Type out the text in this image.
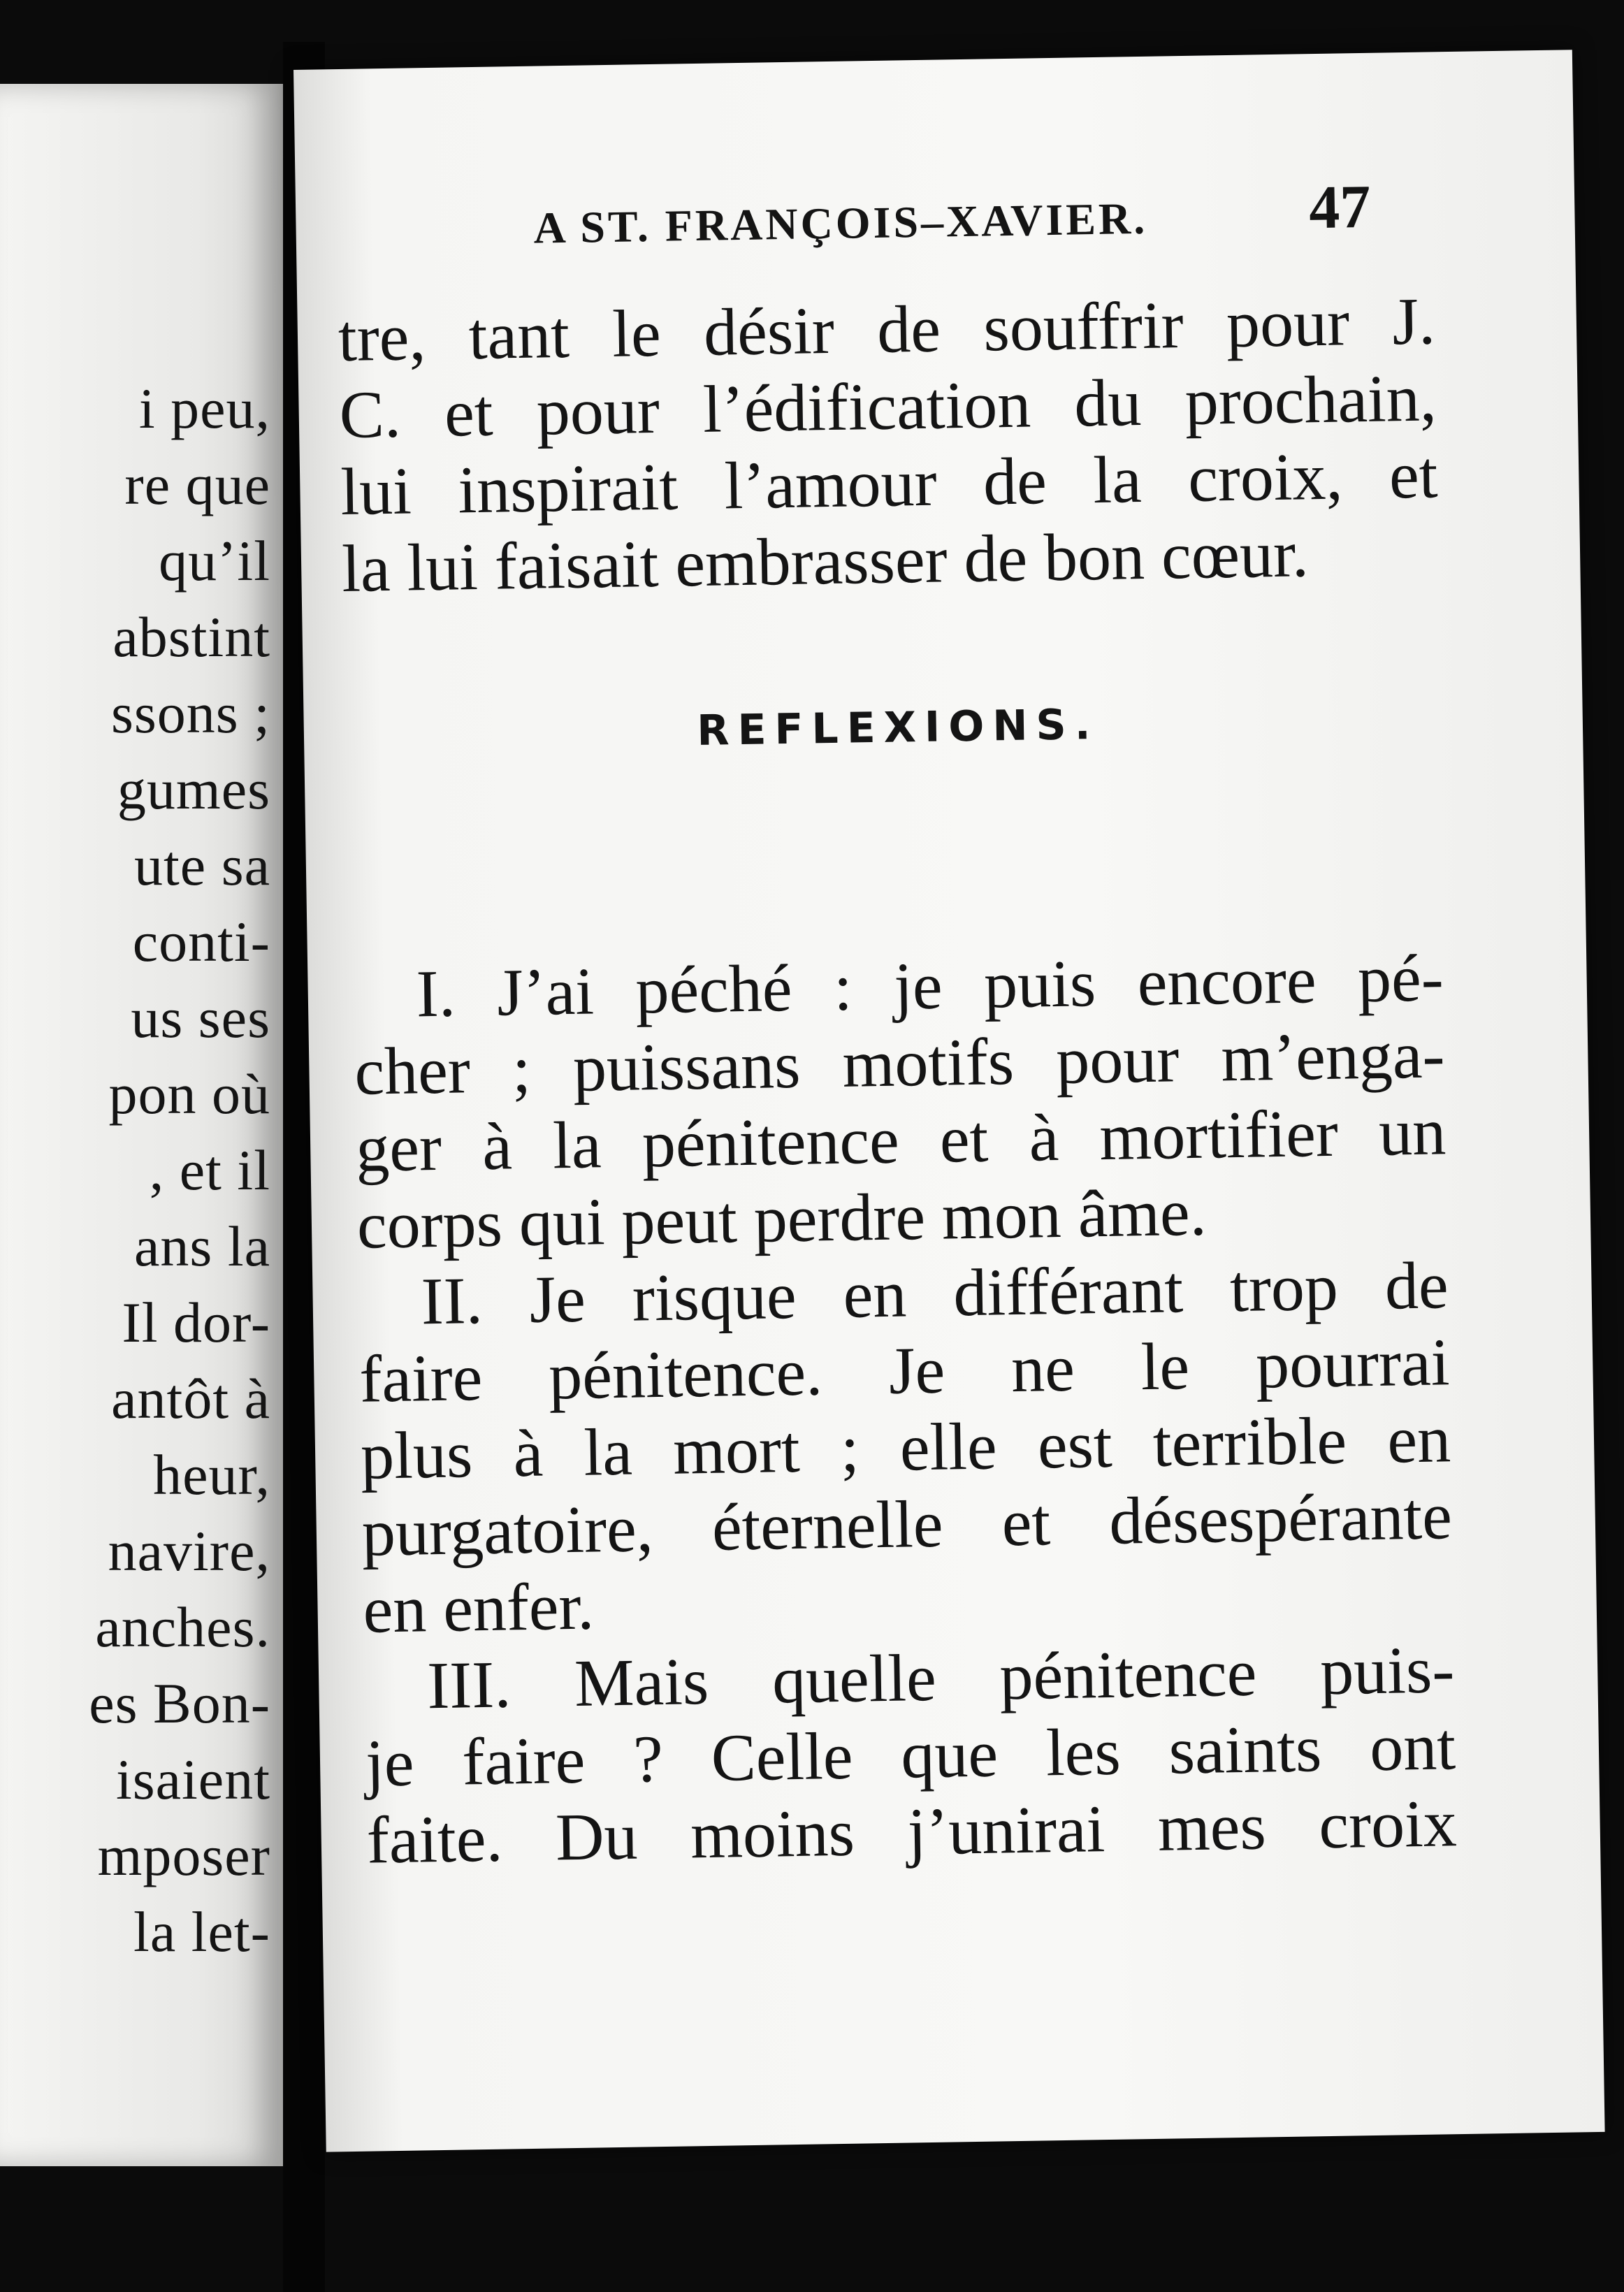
i peu,
re que
qu’il
abstint
ssons ;
gumes
ute sa
conti-
us ses
pon où
, et il
ans la
Il dor-
antôt à
heur,
navire,
anches.
es Bon-
isaient
mposer
la let-
A ST. FRANÇOIS–XAVIER.	47
tre, tant le désir de souffrir pour J.
C. et pour l’édification du prochain,
lui inspirait l’amour de la croix, et
la lui faisait embrasser de bon cœur.
REFLEXIONS.
I. J’ai péché : je puis encore pé-
cher ; puissans motifs pour m’enga-
ger à la pénitence et à mortifier un
corps qui peut perdre mon âme.
II. Je risque en différant trop de
faire pénitence. Je ne le pourrai
plus à la mort ; elle est terrible en
purgatoire, éternelle et désespérante
en enfer.
III. Mais quelle pénitence puis-
je faire ? Celle que les saints ont
faite. Du moins j’unirai mes croix
